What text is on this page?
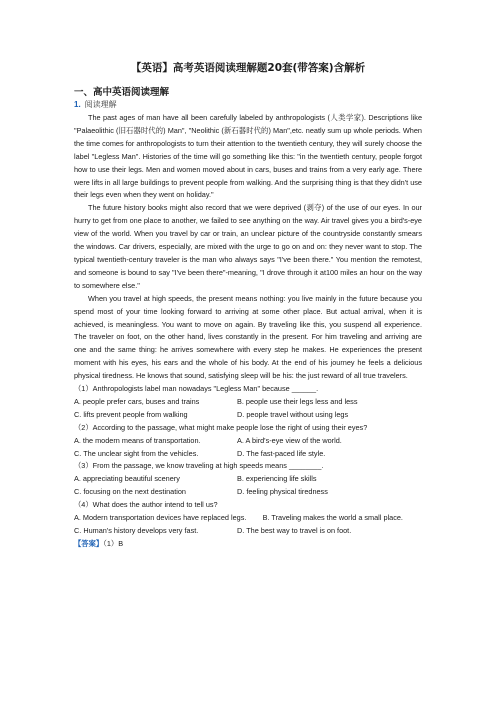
【英语】高考英语阅读理解题20套(带答案)含解析
一、高中英语阅读理解
1. 阅读理解

The past ages of man have all been carefully labeled by anthropologists (人类学家). Descriptions like "Palaeolithic (旧石器时代的) Man", "Neolithic (新石器时代的) Man",etc. neatly sum up whole periods. When the time comes for anthropologists to turn their attention to the twentieth century, they will surely choose the label "Legless Man". Histories of the time will go something like this: "in the twentieth century, people forgot how to use their legs. Men and women moved about in cars, buses and trains from a very early age. There were lifts in all large buildings to prevent people from walking. And the surprising thing is that they didn't use their legs even when they went on holiday."

The future history books might also record that we were deprived (剥夺) of the use of our eyes. In our hurry to get from one place to another, we failed to see anything on the way. Air travel gives you a bird's-eye view of the world. When you travel by car or train, an unclear picture of the countryside constantly smears the windows. Car drivers, especially, are mixed with the urge to go on and on: they never want to stop. The typical twentieth-century traveler is the man who always says "I've been there." You mention the remotest, and someone is bound to say "I've been there"-meaning, "I drove through it at100 miles an hour on the way to somewhere else."

When you travel at high speeds, the present means nothing: you live mainly in the future because you spend most of your time looking forward to arriving at some other place. But actual arrival, when it is achieved, is meaningless. You want to move on again. By traveling like this, you suspend all experience. The traveler on foot, on the other hand, lives constantly in the present. For him traveling and arriving are one and the same thing: he arrives somewhere with every step he makes. He experiences the present moment with his eyes, his ears and the whole of his body. At the end of his journey he feels a delicious physical tiredness. He knows that sound, satisfying sleep will be his: the just reward of all true travelers.

（1）Anthropologists label man nowadays "Legless Man" because ______.

A. people prefer cars, buses and trains	B. people use their legs less and less
C. lifts prevent people from walking	D. people travel without using legs

（2）According to the passage, what might make people lose the right of using their eyes?

A. the modern means of transportation.	A. A bird's-eye view of the world.
C. The unclear sight from the vehicles.	D. The fast-paced life style.

（3）From the passage, we know traveling at high speeds means ________.

A. appreciating beautiful scenery	B. experiencing life skills
C. focusing on the next destination	D. feeling physical tiredness

（4）What does the author intend to tell us?

A. Modern transportation devices have replaced legs.        B. Traveling makes the world a small place.

C. Human's history develops very fast.	D. The best way to travel is on foot.

【答案】（1）B
